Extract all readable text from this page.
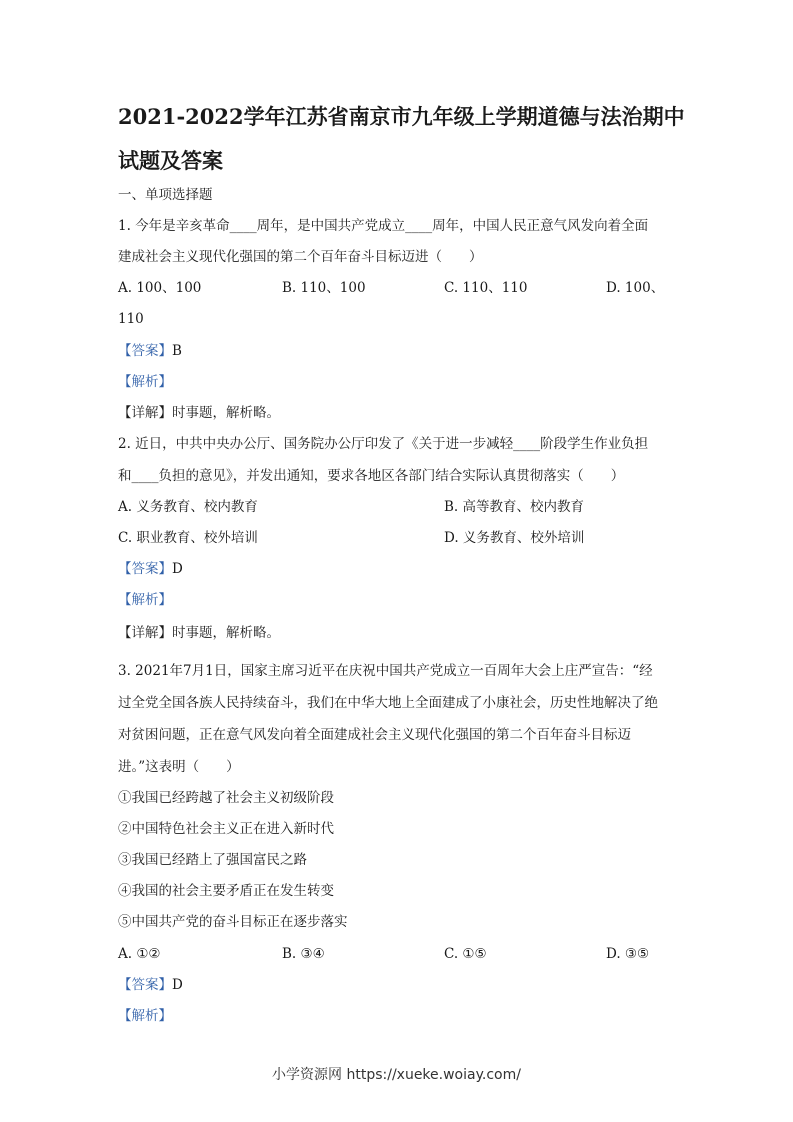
2021-2022学年江苏省南京市九年级上学期道德与法治期中
试题及答案
一、单项选择题
1. 今年是辛亥革命____周年，是中国共产党成立____周年，中国人民正意气风发向着全面
建成社会主义现代化强国的第二个百年奋斗目标迈进（　　）
A. 100、100	B. 110、100	C. 110、110	D. 100、
110
【答案】B
【解析】
【详解】时事题，解析略。
2. 近日，中共中央办公厅、国务院办公厅印发了《关于进一步减轻____阶段学生作业负担
和____负担的意见》，并发出通知，要求各地区各部门结合实际认真贯彻落实（　　）
A. 义务教育、校内教育	B. 高等教育、校内教育
C. 职业教育、校外培训	D. 义务教育、校外培训
【答案】D
【解析】
【详解】时事题，解析略。
3. 2021年7月1日，国家主席习近平在庆祝中国共产党成立一百周年大会上庄严宣告：“经
过全党全国各族人民持续奋斗，我们在中华大地上全面建成了小康社会，历史性地解决了绝
对贫困问题，正在意气风发向着全面建成社会主义现代化强国的第二个百年奋斗目标迈
进。”这表明（　　）
①我国已经跨越了社会主义初级阶段
②中国特色社会主义正在进入新时代
③我国已经踏上了强国富民之路
④我国的社会主要矛盾正在发生转变
⑤中国共产党的奋斗目标正在逐步落实
A. ①②	B. ③④	C. ①⑤	D. ③⑤
【答案】D
【解析】
小学资源网 https://xueke.woiay.com/
